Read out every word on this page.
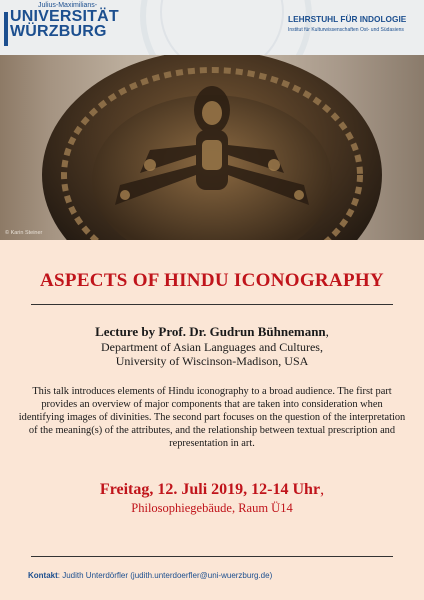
Julius-Maximilians-
UNIVERSITÄT
WÜRZBURG
LEHRSTUHL FÜR INDOLOGIE
Institut für Kulturwissenschaften Ost- und Südasiens
© Karin Steiner
ASPECTS OF HINDU ICONOGRAPHY
Lecture by Prof. Dr. Gudrun Bühnemann,
Department of Asian Languages and Cultures,
University of Wiscinson-Madison, USA
This talk introduces elements of Hindu iconography to a broad audience. The first part provides an overview of major components that are taken into consideration when identifying images of divinities. The second part focuses on the question of the interpretation of the meaning(s) of the attributes, and the relationship between textual prescription and representation in art.
Freitag, 12. Juli 2019, 12-14 Uhr,
Philosophiegebäude, Raum Ü14
Kontakt: Judith Unterdörfler (judith.unterdoerfler@uni-wuerzburg.de)
